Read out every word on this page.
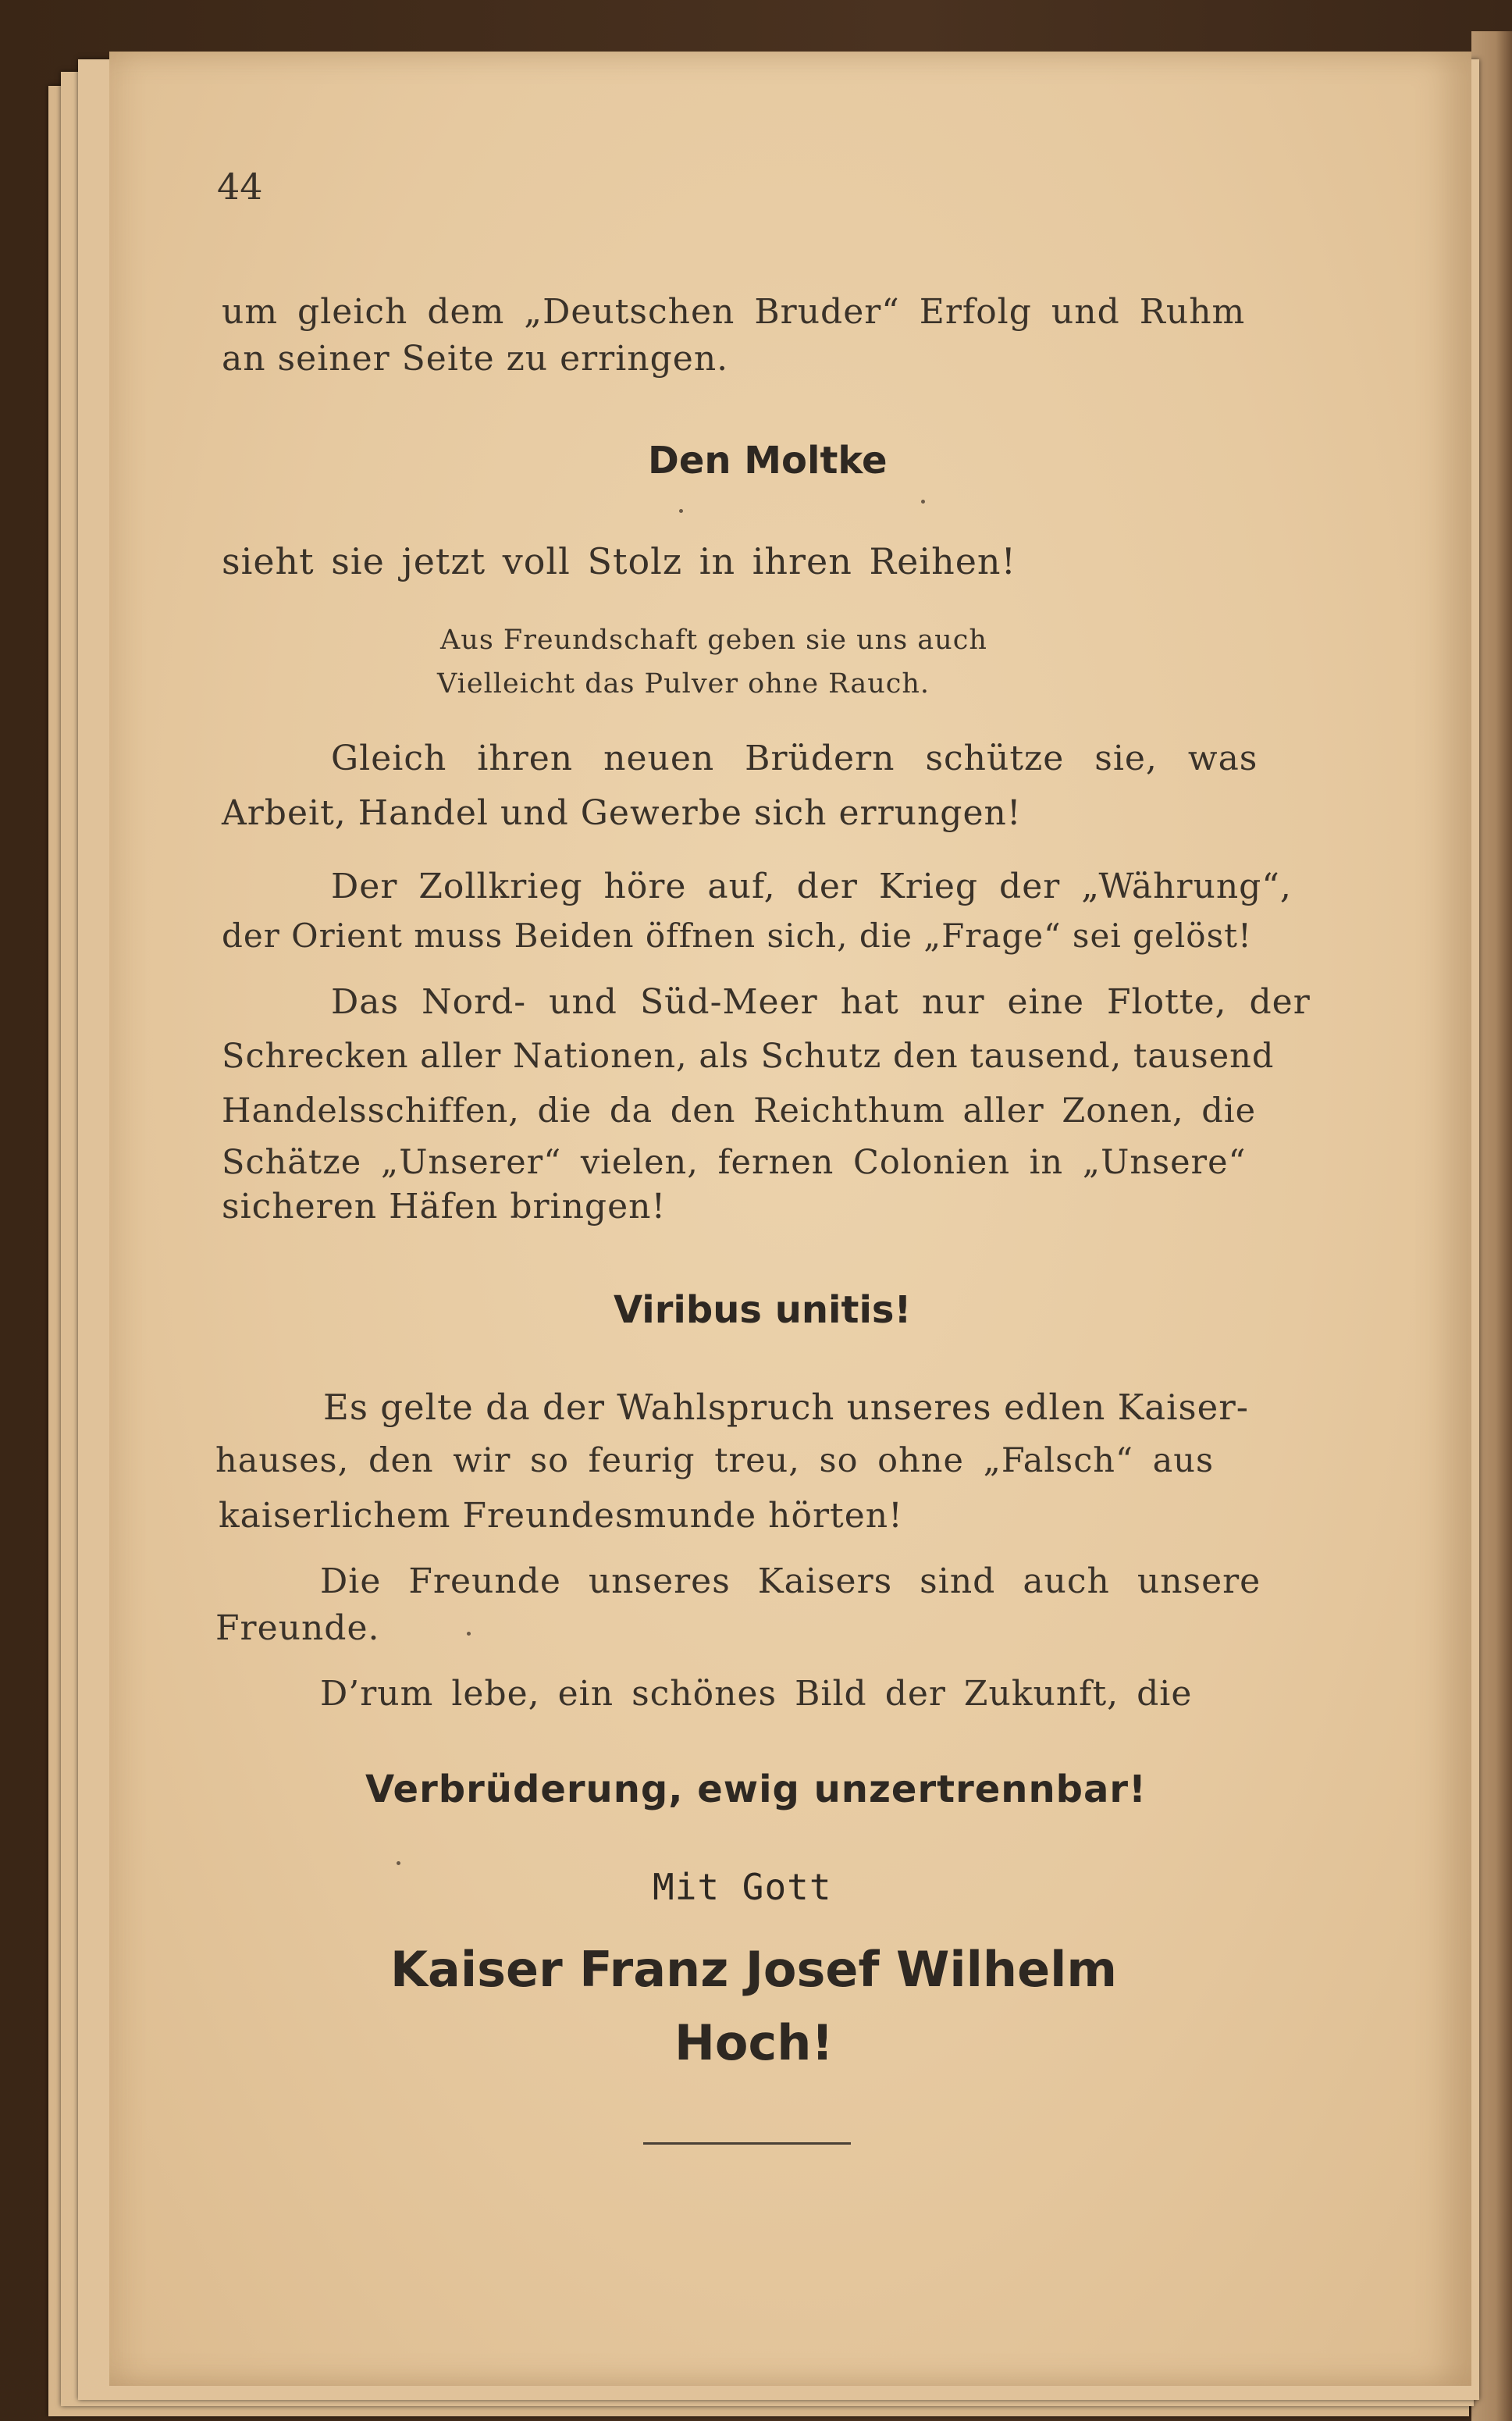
44
um gleich dem „Deutschen Bruder“ Erfolg und Ruhm
an seiner Seite zu erringen.
Den Moltke
sieht sie jetzt voll Stolz in ihren Reihen!
Aus Freundschaft geben sie uns auch
Vielleicht das Pulver ohne Rauch.
Gleich ihren neuen Brüdern schütze sie, was
Arbeit, Handel und Gewerbe sich errungen!
Der Zollkrieg höre auf, der Krieg der „Währung“,
der Orient muss Beiden öffnen sich, die „Frage“ sei gelöst!
Das Nord- und Süd-Meer hat nur eine Flotte, der
Schrecken aller Nationen, als Schutz den tausend, tausend
Handelsschiffen, die da den Reichthum aller Zonen, die
Schätze „Unserer“ vielen, fernen Colonien in „Unsere“
sicheren Häfen bringen!
Viribus unitis!
Es gelte da der Wahlspruch unseres edlen Kaiser-
hauses, den wir so feurig treu, so ohne „Falsch“ aus
kaiserlichem Freundesmunde hörten!
Die Freunde unseres Kaisers sind auch unsere
Freunde.
D’rum lebe, ein schönes Bild der Zukunft, die
Verbrüderung, ewig unzertrennbar!
Mit Gott
Kaiser Franz Josef Wilhelm
Hoch!
